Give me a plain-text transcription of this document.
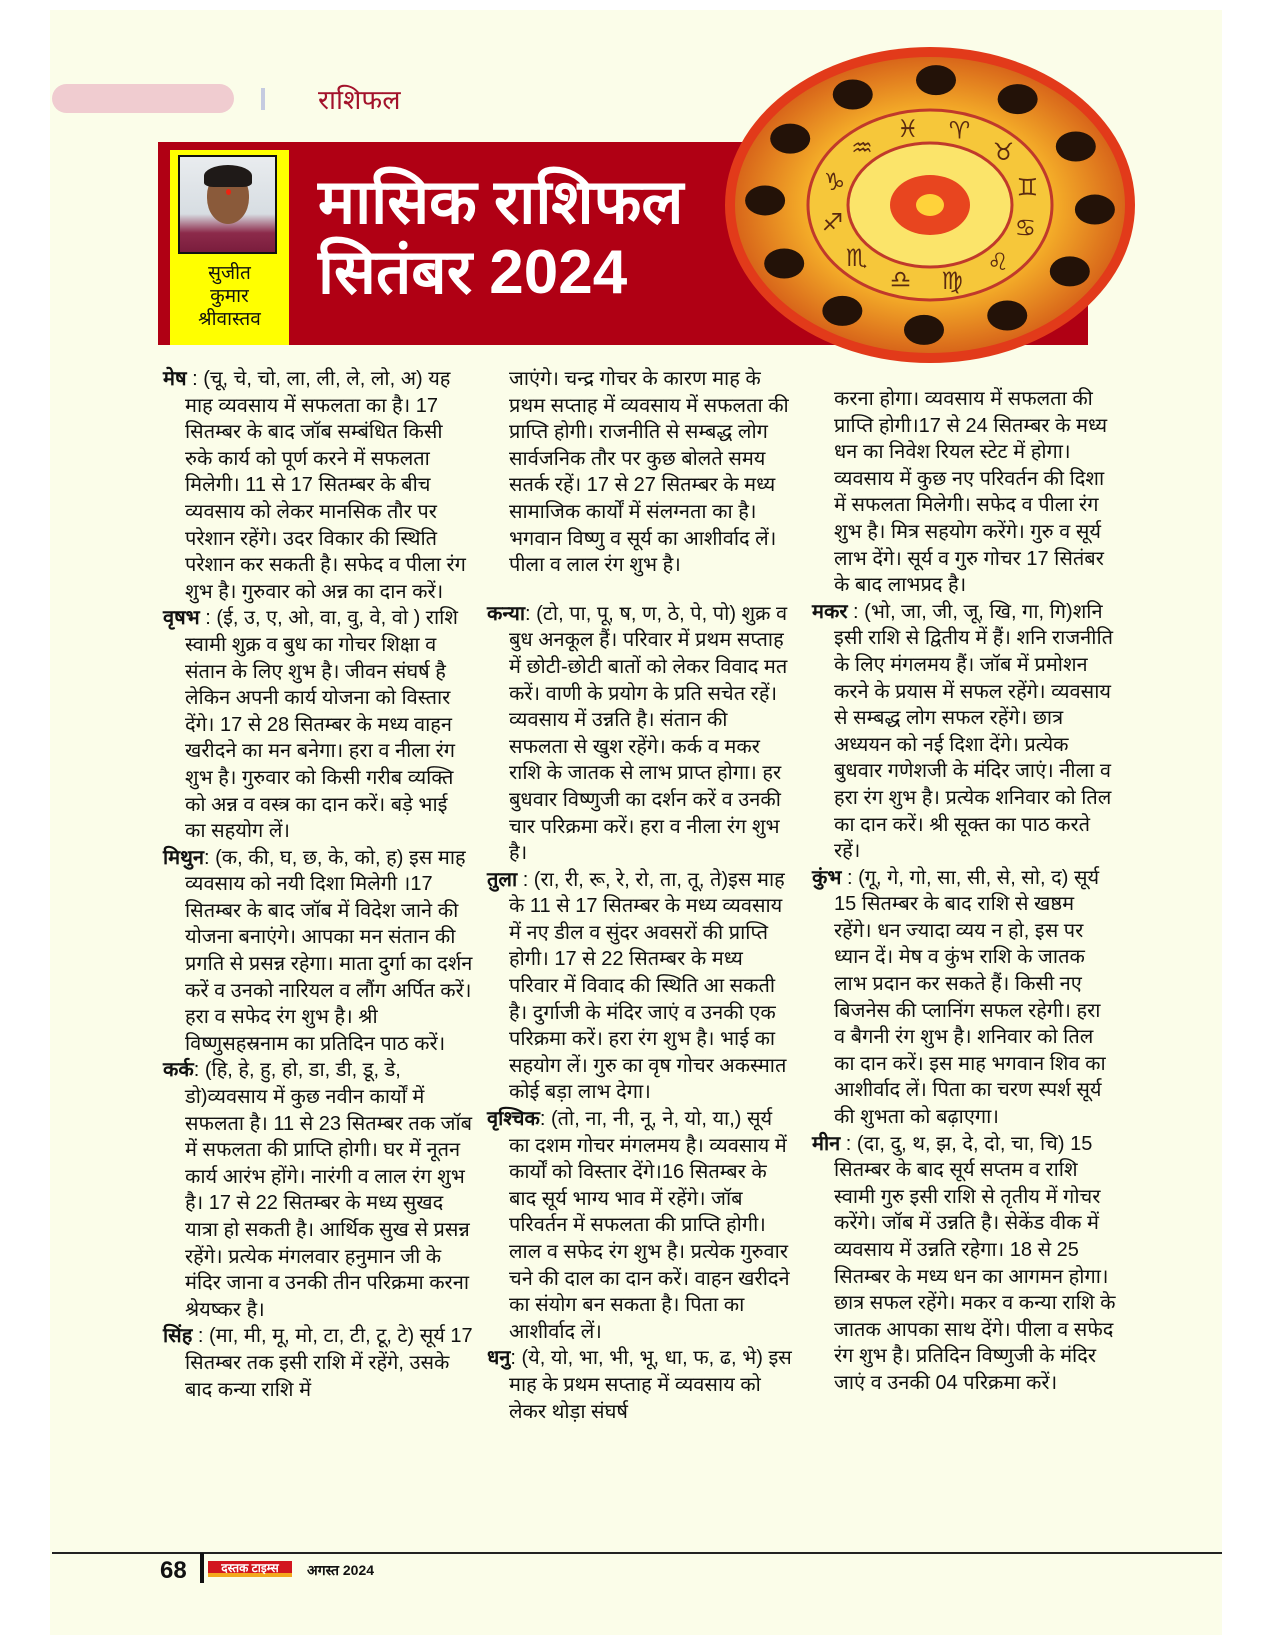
राशिफल
सुजीत
कुमार
श्रीवास्तव
मासिक राशिफल
सितंबर 2024
♈
♉
♊
♋
♌
♍
♎
♏
♐
♑
♒
♓

मेष : (चू, चे, चो, ला, ली, ले, लो, अ) यह माह व्यवसाय में सफलता का है। 17 सितम्बर के बाद जॉब सम्बंधित किसी रुके कार्य को पूर्ण करने में सफलता मिलेगी। 11 से 17 सितम्बर के बीच व्यवसाय को लेकर मानसिक तौर पर परेशान रहेंगे। उदर विकार की स्थिति परेशान कर सकती है। सफेद व पीला रंग शुभ है। गुरुवार को अन्न का दान करें।

वृषभ : (ई, उ, ए, ओ, वा, वु, वे, वो ) राशि स्वामी शुक्र व बुध का गोचर शिक्षा व संतान के लिए शुभ है। जीवन संघर्ष है लेकिन अपनी कार्य योजना को विस्तार देंगे। 17 से 28 सितम्बर के मध्य वाहन खरीदने का मन बनेगा। हरा व नीला रंग शुभ है। गुरुवार को किसी गरीब व्यक्ति को अन्न व वस्त्र का दान करें। बड़े भाई का सहयोग लें।

मिथुन: (क, की, घ, छ, के, को, ह) इस माह व्यवसाय को नयी दिशा मिलेगी ।17 सितम्बर के बाद जॉब में विदेश जाने की योजना बनाएंगे। आपका मन संतान की प्रगति से प्रसन्न रहेगा। माता दुर्गा का दर्शन करें व उनको नारियल व लौंग अर्पित करें। हरा व सफेद रंग शुभ है। श्री विष्णुसहस्रनाम का प्रतिदिन पाठ करें।

कर्क: (हि, हे, हु, हो, डा, डी, डू, डे, डो)व्यवसाय में कुछ नवीन कार्यों में सफलता है। 11 से 23 सितम्बर तक जॉब में सफलता की प्राप्ति होगी। घर में नूतन कार्य आरंभ होंगे। नारंगी व लाल रंग शुभ है। 17 से 22 सितम्बर के मध्य सुखद यात्रा हो सकती है। आर्थिक सुख से प्रसन्न रहेंगे। प्रत्येक मंगलवार हनुमान जी के मंदिर जाना व उनकी तीन परिक्रमा करना श्रेयष्कर है।

सिंह : (मा, मी, मू, मो, टा, टी, टू, टे) सूर्य 17 सितम्बर तक इसी राशि में रहेंगे, उसके बाद कन्या राशि में

जाएंगे। चन्द्र गोचर के कारण माह के प्रथम सप्ताह में व्यवसाय में सफलता की प्राप्ति होगी। राजनीति से सम्बद्ध लोग सार्वजनिक तौर पर कुछ बोलते समय सतर्क रहें। 17 से 27 सितम्बर के मध्य सामाजिक कार्यों में संलग्नता का है। भगवान विष्णु व सूर्य का आशीर्वाद लें। पीला व लाल रंग शुभ है।

कन्या: (टो, पा, पू, ष, ण, ठे, पे, पो) शुक्र व बुध अनकूल हैं। परिवार में प्रथम सप्ताह में छोटी-छोटी बातों को लेकर विवाद मत करें। वाणी के प्रयोग के प्रति सचेत रहें। व्यवसाय में उन्नति है। संतान की सफलता से खुश रहेंगे। कर्क व मकर राशि के जातक से लाभ प्राप्त होगा। हर बुधवार विष्णुजी का दर्शन करें व उनकी चार परिक्रमा करें। हरा व नीला रंग शुभ है।

तुला : (रा, री, रू, रे, रो, ता, तू, ते)इस माह के 11 से 17 सितम्बर के मध्य व्यवसाय में नए डील व सुंदर अवसरों की प्राप्ति होगी। 17 से 22 सितम्बर के मध्य परिवार में विवाद की स्थिति आ सकती है। दुर्गाजी के मंदिर जाएं व उनकी एक परिक्रमा करें। हरा रंग शुभ है। भाई का सहयोग लें। गुरु का वृष गोचर अकस्मात कोई बड़ा लाभ देगा।

वृश्चिक: (तो, ना, नी, नू, ने, यो, या,) सूर्य का दशम गोचर मंगलमय है। व्यवसाय में कार्यों को विस्तार देंगे।16 सितम्बर के बाद सूर्य भाग्य भाव में रहेंगे। जॉब परिवर्तन में सफलता की प्राप्ति होगी। लाल व सफेद रंग शुभ है। प्रत्येक गुरुवार चने की दाल का दान करें। वाहन खरीदने का संयोग बन सकता है। पिता का आशीर्वाद लें।

धनु: (ये, यो, भा, भी, भू, धा, फ, ढ, भे) इस माह के प्रथम सप्ताह में व्यवसाय को लेकर थोड़ा संघर्ष

करना होगा। व्यवसाय में सफलता की प्राप्ति होगी।17 से 24 सितम्बर के मध्य धन का निवेश रियल स्टेट में होगा। व्यवसाय में कुछ नए परिवर्तन की दिशा में सफलता मिलेगी। सफेद व पीला रंग शुभ है। मित्र सहयोग करेंगे। गुरु व सूर्य लाभ देंगे। सूर्य व गुरु गोचर 17 सितंबर के बाद लाभप्रद है।

मकर : (भो, जा, जी, जू, खि, गा, गि)शनि इसी राशि से द्वितीय में हैं। शनि राजनीति के लिए मंगलमय हैं। जॉब में प्रमोशन करने के प्रयास में सफल रहेंगे। व्यवसाय से सम्बद्ध लोग सफल रहेंगे। छात्र अध्ययन को नई दिशा देंगे। प्रत्येक बुधवार गणेशजी के मंदिर जाएं। नीला व हरा रंग शुभ है। प्रत्येक शनिवार को तिल का दान करें। श्री सूक्त का पाठ करते रहें।

कुंभ : (गू, गे, गो, सा, सी, से, सो, द) सूर्य 15 सितम्बर के बाद राशि से खष्ठम रहेंगे। धन ज्यादा व्यय न हो, इस पर ध्यान दें। मेष व कुंभ राशि के जातक लाभ प्रदान कर सकते हैं। किसी नए बिजनेस की प्लानिंग सफल रहेगी। हरा व बैगनी रंग शुभ है। शनिवार को तिल का दान करें। इस माह भगवान शिव का आशीर्वाद लें। पिता का चरण स्पर्श सूर्य की शुभता को बढ़ाएगा।

मीन : (दा, दु, थ, झ, दे, दो, चा, चि) 15 सितम्बर के बाद सूर्य सप्तम व राशि स्वामी गुरु इसी राशि से तृतीय में गोचर करेंगे। जॉब में उन्नति है। सेकेंड वीक में व्यवसाय में उन्नति रहेगा। 18 से 25 सितम्बर के मध्य धन का आगमन होगा। छात्र सफल रहेंगे। मकर व कन्या राशि के जातक आपका साथ देंगे। पीला व सफेद रंग शुभ है। प्रतिदिन विष्णुजी के मंदिर जाएं व उनकी 04 परिक्रमा करें।

68	दस्तक टाइम्स	अगस्त 2024
